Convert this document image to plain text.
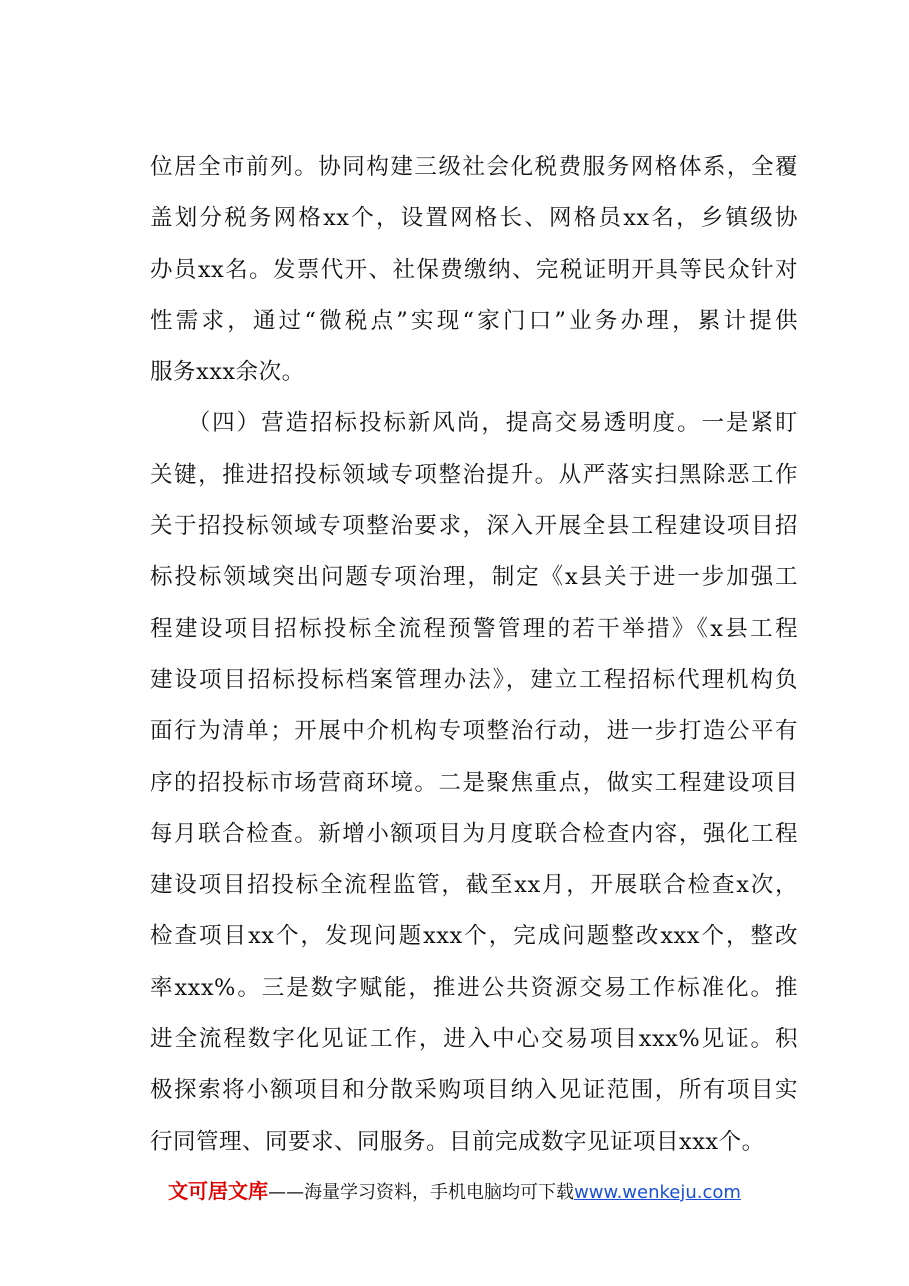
位居全市前列。协同构建三级社会化税费服务网格体系，全覆
盖划分税务网格xx个，设置网格长、网格员xx名，乡镇级协
办员xx名。发票代开、社保费缴纳、完税证明开具等民众针对
性需求，通过“微税点”实现“家门口”业务办理，累计提供
服务xxx余次。
　　（四）营造招标投标新风尚，提高交易透明度。一是紧盯
关键，推进招投标领域专项整治提升。从严落实扫黑除恶工作
关于招投标领域专项整治要求，深入开展全县工程建设项目招
标投标领域突出问题专项治理，制定《x县关于进一步加强工
程建设项目招标投标全流程预警管理的若干举措》《x县工程
建设项目招标投标档案管理办法》，建立工程招标代理机构负
面行为清单；开展中介机构专项整治行动，进一步打造公平有
序的招投标市场营商环境。二是聚焦重点，做实工程建设项目
每月联合检查。新增小额项目为月度联合检查内容，强化工程
建设项目招投标全流程监管，截至xx月，开展联合检查x次，
检查项目xx个，发现问题xxx个，完成问题整改xxx个，整改
率xxx%。三是数字赋能，推进公共资源交易工作标准化。推
进全流程数字化见证工作，进入中心交易项目xxx%见证。积
极探索将小额项目和分散采购项目纳入见证范围，所有项目实
行同管理、同要求、同服务。目前完成数字见证项目xxx个。
文可居文库——海量学习资料，手机电脑均可下载www.wenkeju.com
